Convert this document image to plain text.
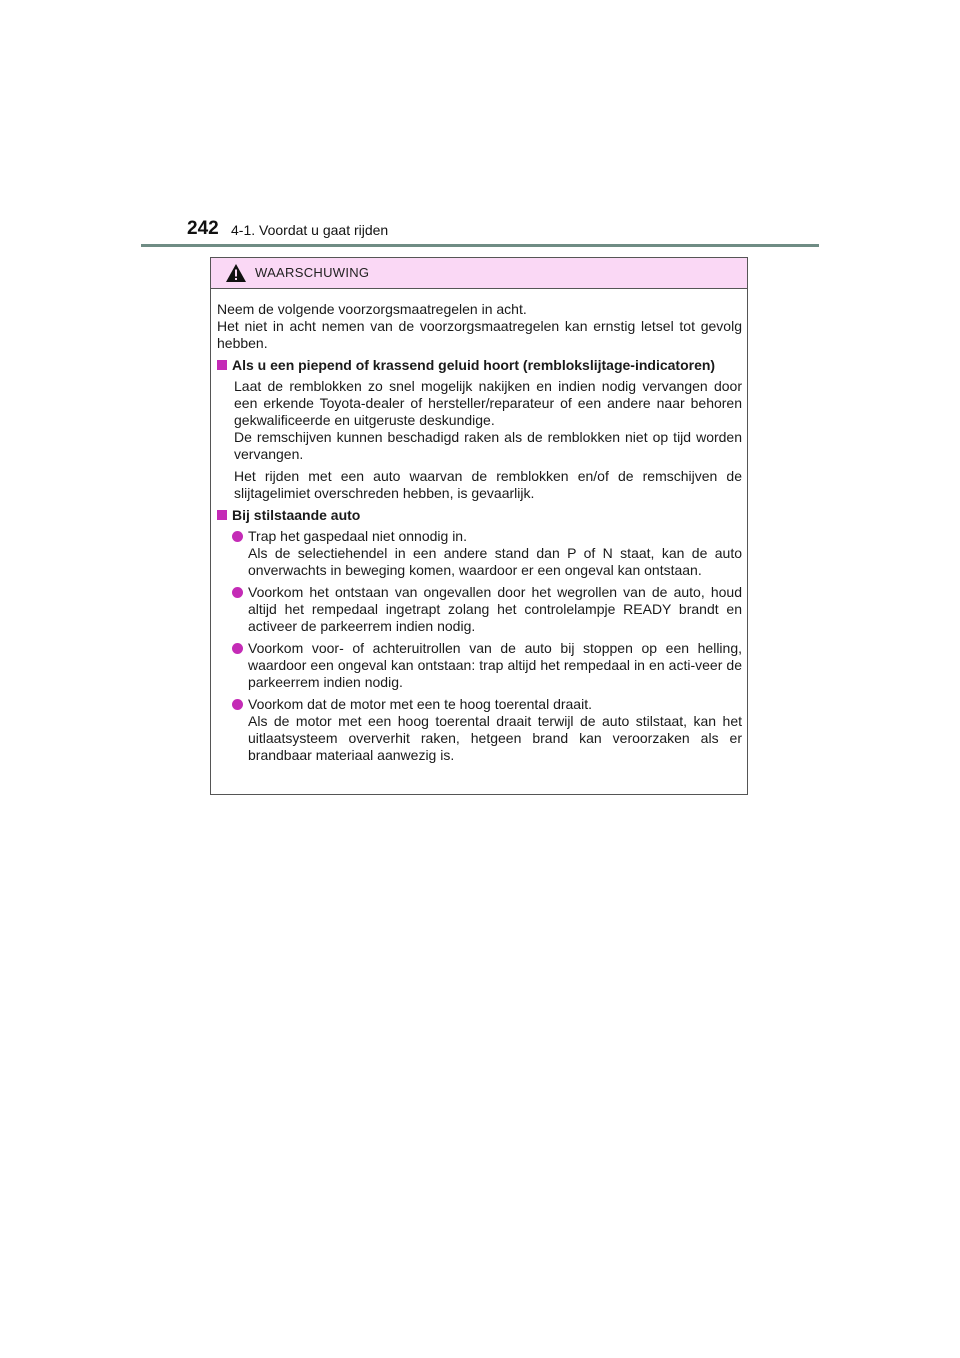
242 4-1. Voordat u gaat rijden
WAARSCHUWING

Neem de volgende voorzorgsmaatregelen in acht.

Het niet in acht nemen van de voorzorgsmaatregelen kan ernstig letsel tot gevolg hebben.

Als u een piepend of krassend geluid hoort (remblokslijtage-indicatoren)

Laat de remblokken zo snel mogelijk nakijken en indien nodig vervangen door een erkende Toyota-dealer of hersteller/reparateur of een andere naar behoren gekwalificeerde en uitgeruste deskundige.

De remschijven kunnen beschadigd raken als de remblokken niet op tijd worden vervangen.

Het rijden met een auto waarvan de remblokken en/of de remschijven de slijtagelimiet overschreden hebben, is gevaarlijk.

Bij stilstaande auto

Trap het gaspedaal niet onnodig in.

Als de selectiehendel in een andere stand dan P of N staat, kan de auto onverwachts in beweging komen, waardoor er een ongeval kan ontstaan.

Voorkom het ontstaan van ongevallen door het wegrollen van de auto, houd altijd het rempedaal ingetrapt zolang het controlelampje READY brandt en activeer de parkeerrem indien nodig.

Voorkom voor- of achteruitrollen van de auto bij stoppen op een helling, waardoor een ongeval kan ontstaan: trap altijd het rempedaal in en acti-veer de parkeerrem indien nodig.

Voorkom dat de motor met een te hoog toerental draait.

Als de motor met een hoog toerental draait terwijl de auto stilstaat, kan het uitlaatsysteem oververhit raken, hetgeen brand kan veroorzaken als er brandbaar materiaal aanwezig is.
